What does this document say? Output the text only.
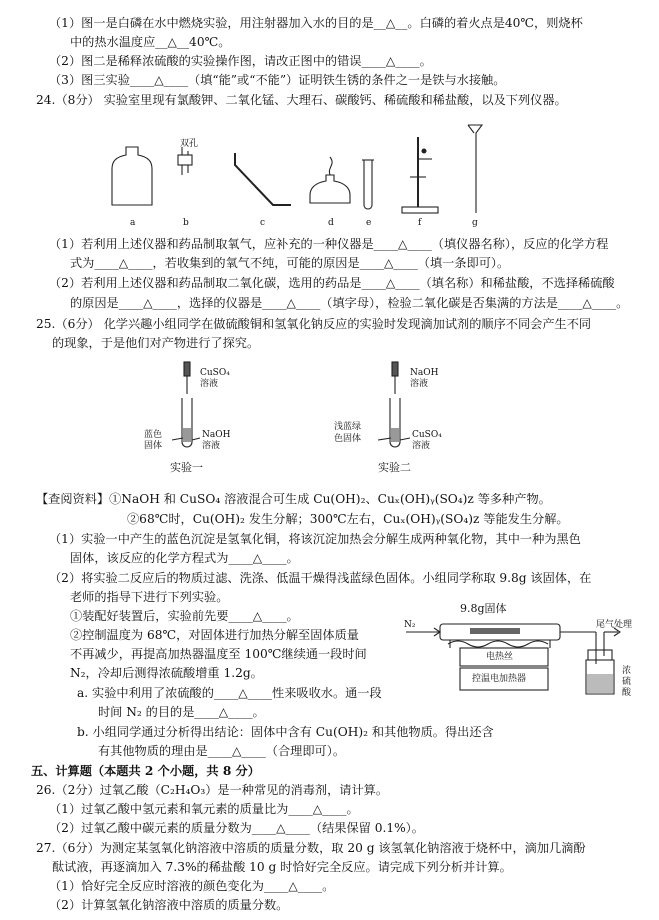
（1）图一是白磷在水中燃烧实验，用注射器加入水的目的是__△__。白磷的着火点是40℃，则烧杯
中的热水温度应__△__40℃。
（2）图二是稀释浓硫酸的实验操作图，请改正图中的错误____△____。
（3）图三实验____△____（填“能”或“不能”）证明铁生锈的条件之一是铁与水接触。
24.（8分） 实验室里现有氯酸钾、二氧化锰、大理石、碳酸钙、稀硫酸和稀盐酸，以及下列仪器。
双孔
a	b	c	d	e	f	g
（1）若利用上述仪器和药品制取氧气，应补充的一种仪器是____△____（填仪器名称），反应的化学方程
式为____△____，若收集到的氧气不纯，可能的原因是____△____（填一条即可）。
（2）若利用上述仪器和药品制取二氧化碳，选用的药品是____△____（填名称）和稀盐酸，不选择稀硫酸
的原因是____△____，选择的仪器是____△____（填字母），检验二氧化碳是否集满的方法是____△____。
25.（6分） 化学兴趣小组同学在做硫酸铜和氢氧化钠反应的实验时发现滴加试剂的顺序不同会产生不同
的现象，于是他们对产物进行了探究。
CuSO₄
溶液
蓝色
固体
NaOH
溶液
实验一
NaOH
溶液
浅蓝绿
色固体	CuSO₄
溶液
实验二
【查阅资料】①NaOH 和 CuSO₄ 溶液混合可生成 Cu(OH)₂、Cuₓ(OH)ᵧ(SO₄)z 等多种产物。
②68℃时，Cu(OH)₂ 发生分解；300℃左右，Cuₓ(OH)ᵧ(SO₄)z 等能发生分解。
（1）实验一中产生的蓝色沉淀是氢氧化铜，将该沉淀加热会分解生成两种氧化物，其中一种为黑色
固体，该反应的化学方程式为____△____。
（2）将实验二反应后的物质过滤、洗涤、低温干燥得浅蓝绿色固体。小组同学称取 9.8g 该固体，在
老师的指导下进行下列实验。
①装配好装置后，实验前先要____△____。
②控制温度为 68℃，对固体进行加热分解至固体质量
不再减少，再提高加热器温度至 100℃继续通一段时间
N₂，冷却后测得浓硫酸增重 1.2g。
a. 实验中利用了浓硫酸的____△____性来吸收水。通一段
时间 N₂ 的目的是____△____。
b. 小组同学通过分析得出结论：固体中含有 Cu(OH)₂ 和其他物质。得出还含
有其他物质的理由是____△____（合理即可）。
9.8g固体
N₂	尾气处理
电热丝
控温电加热器
浓
硫
酸
五、计算题（本题共 2 个小题，共 8 分）
26.（2分）过氧乙酸（C₂H₄O₃）是一种常见的消毒剂，请计算。
（1）过氧乙酸中氢元素和氧元素的质量比为____△____。
（2）过氧乙酸中碳元素的质量分数为____△____（结果保留 0.1%）。
27.（6分）为测定某氢氧化钠溶液中溶质的质量分数，取 20 g 该氢氧化钠溶液于烧杯中，滴加几滴酚
酞试液，再逐滴加入 7.3%的稀盐酸 10 g 时恰好完全反应。请完成下列分析并计算。
（1）恰好完全反应时溶液的颜色变化为____△____。
（2）计算氢氧化钠溶液中溶质的质量分数。
